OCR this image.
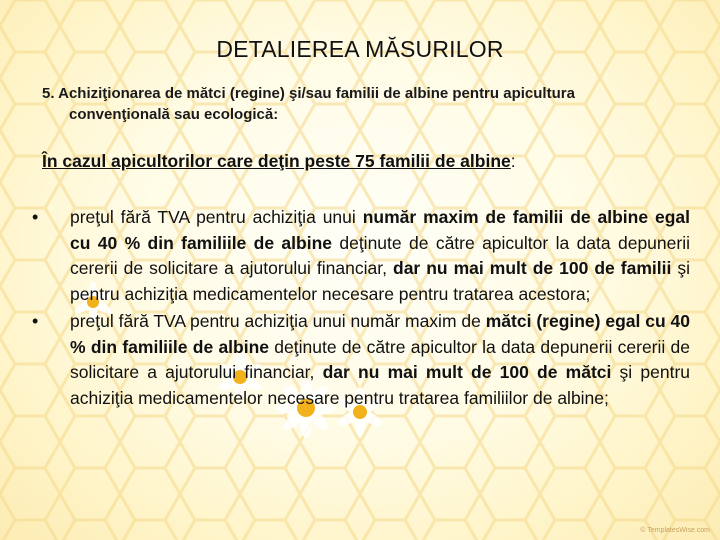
DETALIEREA MĂSURILOR
5. Achiziţionarea de mătci (regine) şi/sau familii de albine pentru apicultura
convenţională sau ecologică:
În cazul apicultorilor care deţin peste 75 familii de albine:
• preţul fără TVA pentru achiziţia unui număr maxim de familii de albine egal cu 40 % din familiile de albine deţinute de către apicultor la data depunerii cererii de solicitare a ajutorului financiar, dar nu mai mult de 100 de familii şi pentru achiziţia medicamentelor necesare pentru tratarea acestora;
• preţul fără TVA pentru achiziţia unui număr maxim de mătci (regine) egal cu 40 % din familiile de albine deţinute de către apicultor la data depunerii cererii de solicitare a ajutorului financiar, dar nu mai mult de 100 de mătci şi pentru achiziţia medicamentelor necesare pentru tratarea familiilor de albine;
© TemplatesWise.com
